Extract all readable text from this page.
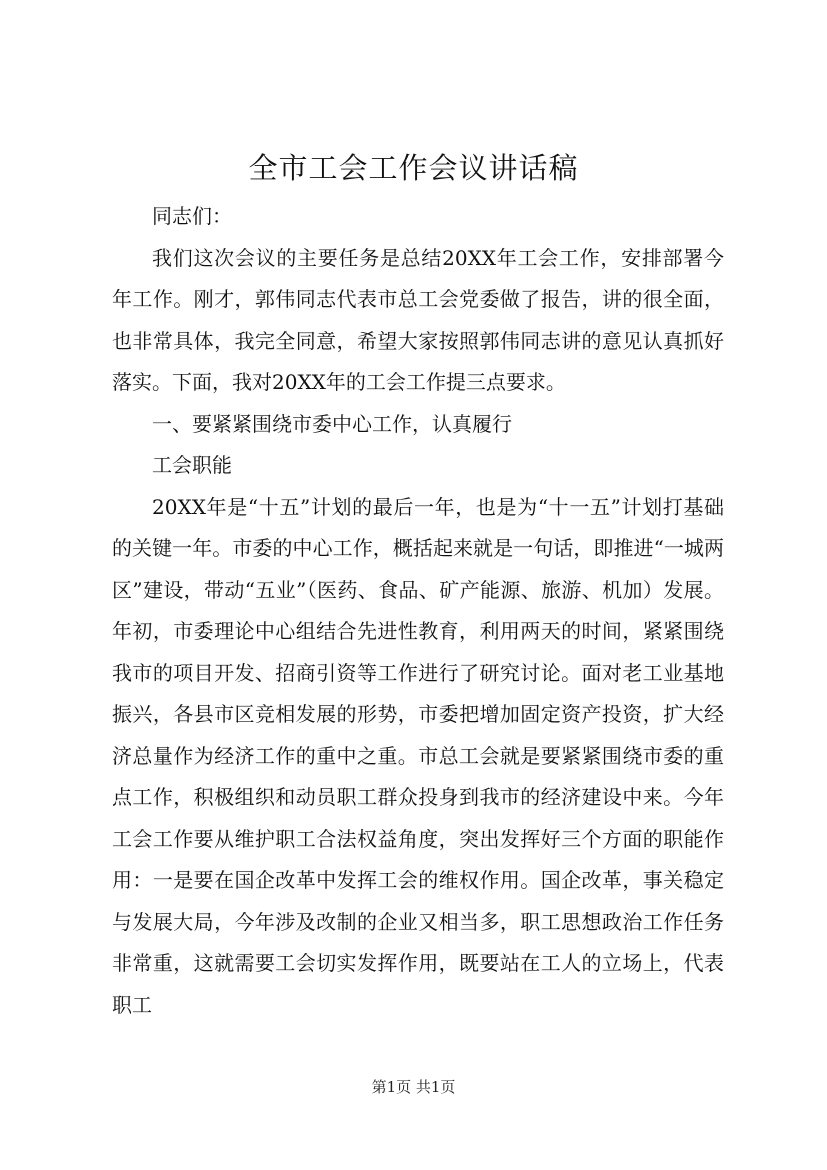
全市工会工作会议讲话稿

同志们：

我们这次会议的主要任务是总结20XX年工会工作，安排部署今年工作。刚才，郭伟同志代表市总工会党委做了报告，讲的很全面，也非常具体，我完全同意，希望大家按照郭伟同志讲的意见认真抓好落实。下面，我对20XX年的工会工作提三点要求。

一、要紧紧围绕市委中心工作，认真履行

工会职能

20XX年是“十五”计划的最后一年，也是为“十一五”计划打基础的关键一年。市委的中心工作，概括起来就是一句话，即推进“一城两区”建设，带动“五业”（医药、食品、矿产能源、旅游、机加）发展。年初，市委理论中心组结合先进性教育，利用两天的时间，紧紧围绕我市的项目开发、招商引资等工作进行了研究讨论。面对老工业基地振兴，各县市区竞相发展的形势，市委把增加固定资产投资，扩大经济总量作为经济工作的重中之重。市总工会就是要紧紧围绕市委的重点工作，积极组织和动员职工群众投身到我市的经济建设中来。今年工会工作要从维护职工合法权益角度，突出发挥好三个方面的职能作用：一是要在国企改革中发挥工会的维权作用。国企改革，事关稳定与发展大局，今年涉及改制的企业又相当多，职工思想政治工作任务非常重，这就需要工会切实发挥作用，既要站在工人的立场上，代表职工

第1页 共1页
